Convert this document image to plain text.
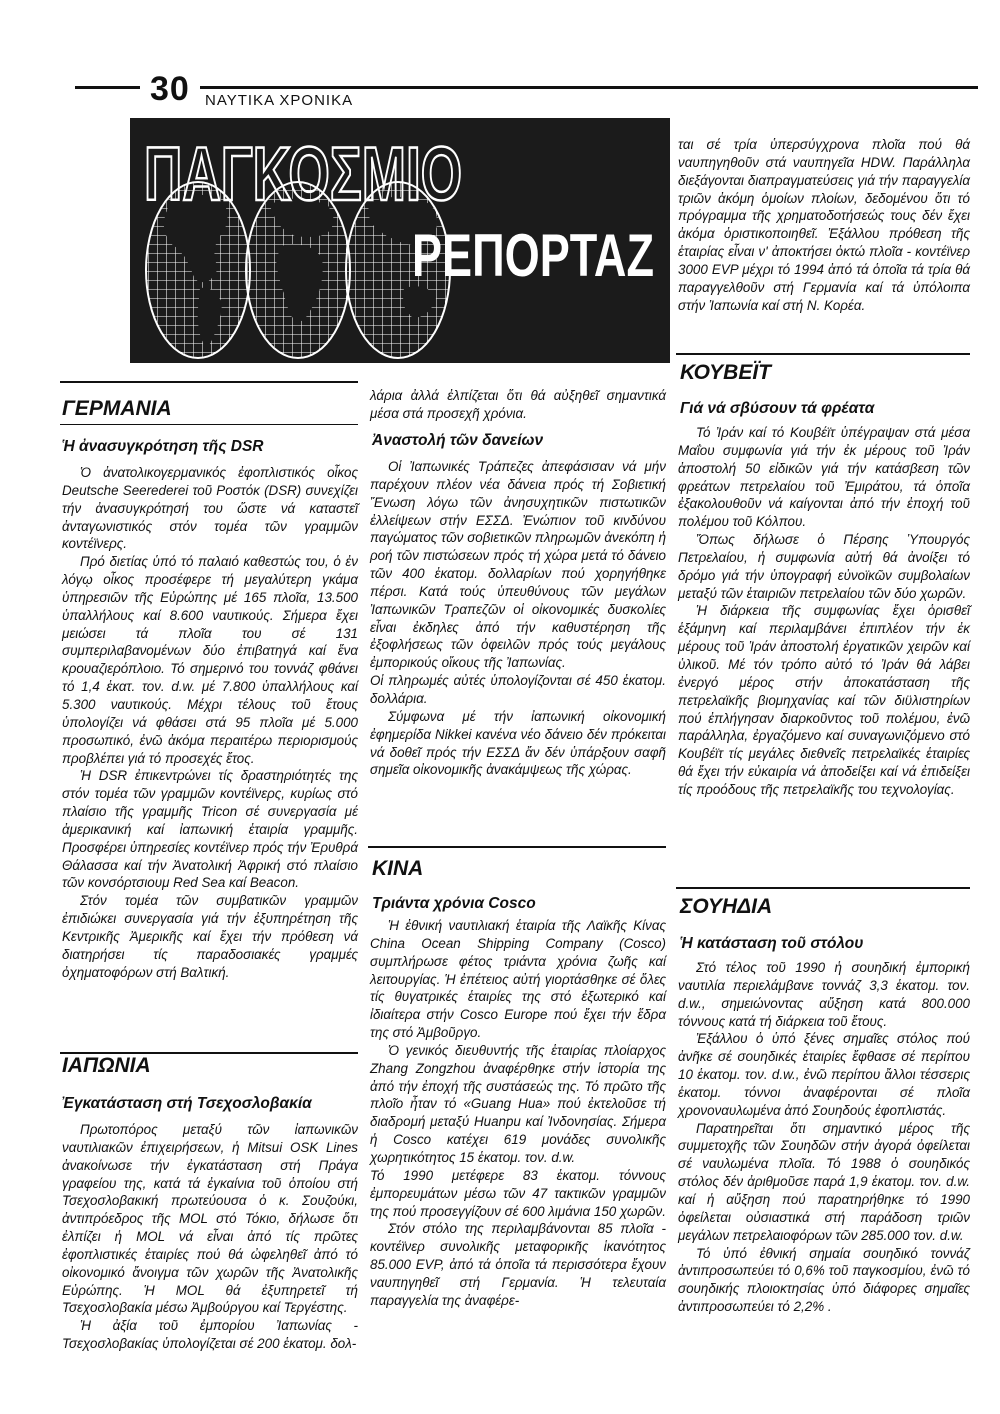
30 ΝΑΥΤΙΚΑ ΧΡΟΝΙΚΑ
ΠΑΓΚΟΣΜΙΟ
ΡΕΠΟΡΤΑΖ
ΓΕΡΜΑΝΙΑ
Ἡ ἀνασυγκρότηση τῆς DSR

Ὁ ἀνατολικογερμανικός ἐφοπλιστικός οἶκος Deutsche Seerederei τοῦ Ροστόκ (DSR) συνεχίζει τήν ἀνασυγκρότησή του ὥστε νά καταστεῖ ἀνταγωνιστικός στόν τομέα τῶν γραμμῶν κοντέϊνερς.

Πρό διετίας ὑπό τό παλαιό καθεστώς του, ὁ ἐν λόγῳ οἶκος προσέφερε τή μεγαλύτερη γκάμα ὑπηρεσιῶν τῆς Εὐρώπης μέ 165 πλοῖα, 13.500 ὑπαλλήλους καί 8.600 ναυτικούς. Σήμερα ἔχει μειώσει τά πλοῖα του σέ 131 συμπεριλαβανομένων δύο ἐπιβατηγά καί ἕνα κρουαζιερόπλοιο. Τό σημερινό του τοννάζ φθάνει τό 1,4 ἑκατ. τον. d.w. μέ 7.800 ὑπαλλήλους καί 5.300 ναυτικούς. Μέχρι τέλους τοῦ ἔτους ὑπολογίζει νά φθάσει στά 95 πλοῖα μέ 5.000 προσωπικό, ἐνῶ ἀκόμα περαιτέρω περιορισμούς προβλέπει γιά τό προσεχές ἔτος.

Ἡ DSR ἐπικεντρώνει τίς δραστηριότητές της στόν τομέα τῶν γραμμῶν κοντέϊνερς, κυρίως στό πλαίσιο τῆς γραμμῆς Tricon σέ συνεργασία μέ ἀμερικανική καί ἰαπωνική ἑταιρία γραμμῆς. Προσφέρει ὑπηρεσίες κοντέϊνερ πρός τήν Ἐρυθρά Θάλασσα καί τήν Ἀνατολική Ἀφρική στό πλαίσιο τῶν κονσόρτσιουμ Red Sea καί Beacon.

Στόν τομέα τῶν συμβατικῶν γραμμῶν ἐπιδιώκει συνεργασία γιά τήν ἐξυπηρέτηση τῆς Κεντρικῆς Ἀμερικῆς καί ἔχει τήν πρόθεση νά διατηρήσει τίς παραδοσιακές γραμμές ὀχηματοφόρων στή Βαλτική.

ΙΑΠΩΝΙΑ
Ἐγκατάσταση στή Τσεχοσλοβακία

Πρωτοπόρος μεταξύ τῶν ἰαπωνικῶν ναυτιλιακῶν ἐπιχειρήσεων, ἡ Mitsui OSK Lines ἀνακοίνωσε τήν ἐγκατάσταση στή Πράγα γραφείου της, κατά τά ἐγκαίνια τοῦ ὁποίου στή Τσεχοσλοβακική πρωτεύουσα ὁ κ. Σουζούκι, ἀντιπρόεδρος τῆς MOL στό Τόκιο, δήλωσε ὅτι ἐλπίζει ἡ MOL νά εἶναι ἀπό τίς πρῶτες ἐφοπλιστικές ἑταιρίες πού θά ὠφεληθεῖ ἀπό τό οἰκονομικό ἄνοιγμα τῶν χωρῶν τῆς Ἀνατολικῆς Εὐρώπης. Ἡ MOL θά ἐξυπηρετεῖ τή Τσεχοσλοβακία μέσω Ἀμβούργου καί Τεργέστης.

Ἡ ἀξία τοῦ ἐμπορίου Ἰαπωνίας - Τσεχοσλοβακίας ὑπολογίζεται σέ 200 ἑκατομ. δολ-

λάρια ἀλλά ἐλπίζεται ὅτι θά αὐξηθεῖ σημαντικά μέσα στά προσεχῆ χρόνια.

Ἀναστολή τῶν δανείων

Οἱ Ἰαπωνικές Τράπεζες ἀπεφάσισαν νά μήν παρέχουν πλέον νέα δάνεια πρός τή Σοβιετική Ἕνωση λόγω τῶν ἀνησυχητικῶν πιστωτικῶν ἐλλείψεων στήν ΕΣΣΔ. Ἐνώπιον τοῦ κινδύνου παγώματος τῶν σοβιετικῶν πληρωμῶν ἀνεκόπη ἡ ροή τῶν πιστώσεων πρός τή χώρα μετά τό δάνειο τῶν 400 ἑκατομ. δολλαρίων πού χορηγήθηκε πέρσι. Κατά τούς ὑπευθύνους τῶν μεγάλων Ἰαπωνικῶν Τραπεζῶν οἱ οἰκονομικές δυσκολίες εἶναι ἐκδηλες ἀπό τήν καθυστέρηση τῆς ἐξοφλήσεως τῶν ὀφειλῶν πρός τούς μεγάλους ἐμπορικούς οἴκους τῆς Ἰαπωνίας.

Οἱ πληρωμές αὐτές ὑπολογίζονται σέ 450 ἑκατομ. δολλάρια.

Σύμφωνα μέ τήν ἰαπωνική οἰκονομική ἐφημερίδα Nikkei κανένα νέο δάνειο δέν πρόκειται νά δοθεῖ πρός τήν ΕΣΣΔ ἄν δέν ὑπάρξουν σαφῆ σημεῖα οἰκονομικῆς ἀνακάμψεως τῆς χώρας.

ΚΙΝΑ
Τριάντα χρόνια Cosco

Ἡ ἐθνική ναυτιλιακή ἑταιρία τῆς Λαϊκῆς Κίνας China Ocean Shipping Company (Cosco) συμπλήρωσε φέτος τριάντα χρόνια ζωῆς καί λειτουργίας. Ἡ ἐπέτειος αὐτή γιορτάσθηκε σέ ὅλες τίς θυγατρικές ἑταιρίες της στό ἐξωτερικό καί ἰδιαίτερα στήν Cosco Europe πού ἔχει τήν ἕδρα της στό Ἀμβοῦργο.

Ὁ γενικός διευθυντής τῆς ἑταιρίας πλοίαρχος Zhang Zongzhou ἀναφέρθηκε στήν ἱστορία της ἀπό τήν ἐποχή τῆς συστάσεώς της. Τό πρῶτο τῆς πλοῖο ἦταν τό «Guang Hua» πού ἐκτελοῦσε τή διαδρομή μεταξύ Huanpu καί Ἰνδονησίας. Σήμερα ἡ Cosco κατέχει 619 μονάδες συνολικῆς χωρητικότητος 15 ἑκατομ. τον. d.w.

Τό 1990 μετέφερε 83 ἑκατομ. τόννους ἐμπορευμάτων μέσω τῶν 47 τακτικῶν γραμμῶν της πού προσεγγίζουν σέ 600 λιμάνια 150 χωρῶν.

Στόν στόλο της περιλαμβάνονται 85 πλοῖα - κοντέϊνερ συνολικῆς μεταφορικῆς ἱκανότητος 85.000 EVP, ἀπό τά ὁποῖα τά περισσότερα ἔχουν ναυπηγηθεῖ στή Γερμανία. Ἡ τελευταία παραγγελία της ἀναφέρε-

ται σέ τρία ὑπερσύγχρονα πλοῖα πού θά ναυπηγηθοῦν στά ναυπηγεῖα HDW. Παράλληλα διεξάγονται διαπραγματεύσεις γιά τήν παραγγελία τριῶν ἀκόμη ὁμοίων πλοίων, δεδομένου ὅτι τό πρόγραμμα τῆς χρηματοδοτήσεώς τους δέν ἔχει ἀκόμα ὁριστικοποιηθεῖ. Ἐξάλλου πρόθεση τῆς ἑταιρίας εἶναι ν' ἀποκτήσει ὀκτώ πλοῖα - κοντέϊνερ 3000 EVP μέχρι τό 1994 ἀπό τά ὁποῖα τά τρία θά παραγγελθοῦν στή Γερμανία καί τά ὑπόλοιπα στήν Ἰαπωνία καί στή Ν. Κορέα.

ΚΟΥΒΕΪΤ
Γιά νά σβύσουν τά φρέατα

Τό Ἰράν καί τό Κουβέϊτ ὑπέγραψαν στά μέσα Μαΐου συμφωνία γιά τήν ἐκ μέρους τοῦ Ἰράν ἀποστολή 50 εἰδικῶν γιά τήν κατάσβεση τῶν φρεάτων πετρελαίου τοῦ Ἐμιράτου, τά ὁποῖα ἐξακολουθοῦν νά καίγονται ἀπό τήν ἐποχή τοῦ πολέμου τοῦ Κόλπου.

Ὅπως δήλωσε ὁ Πέρσης Ὑπουργός Πετρελαίου, ἡ συμφωνία αὐτή θά ἀνοίξει τό δρόμο γιά τήν ὑπογραφή εὐνοϊκῶν συμβολαίων μεταξύ τῶν ἑταιριῶν πετρελαίου τῶν δύο χωρῶν.

Ἡ διάρκεια τῆς συμφωνίας ἔχει ὁρισθεῖ ἑξάμηνη καί περιλαμβάνει ἐπιπλέον τήν ἐκ μέρους τοῦ Ἰράν ἀποστολή ἐργατικῶν χειρῶν καί ὑλικοῦ. Μέ τόν τρόπο αὐτό τό Ἰράν θά λάβει ἐνεργό μέρος στήν ἀποκατάσταση τῆς πετρελαϊκῆς βιομηχανίας καί τῶν διϋλιστηρίων πού ἐπλήγησαν διαρκοῦντος τοῦ πολέμου, ἐνῶ παράλληλα, ἐργαζόμενο καί συναγωνιζόμενο στό Κουβέϊτ τίς μεγάλες διεθνεῖς πετρελαϊκές ἑταιρίες θά ἔχει τήν εὐκαιρία νά ἀποδείξει καί νά ἐπιδείξει τίς προόδους τῆς πετρελαϊκῆς του τεχνολογίας.

ΣΟΥΗΔΙΑ
Ἡ κατάσταση τοῦ στόλου

Στό τέλος τοῦ 1990 ἡ σουηδική ἐμπορική ναυτιλία περιελάμβανε τοννάζ 3,3 ἑκατομ. τον. d.w., σημειώνοντας αὔξηση κατά 800.000 τόννους κατά τή διάρκεια τοῦ ἔτους.

Ἐξάλλου ὁ ὑπό ξένες σημαῖες στόλος πού ἀνῆκε σέ σουηδικές ἑταιρίες ἔφθασε σέ περίπου 10 ἑκατομ. τον. d.w., ἐνῶ περίπου ἄλλοι τέσσερις ἑκατομ. τόννοι ἀναφέρονται σέ πλοῖα χρονοναυλωμένα ἀπό Σουηδούς ἐφοπλιστάς.

Παρατηρεῖται ὅτι σημαντικό μέρος τῆς συμμετοχῆς τῶν Σουηδῶν στήν ἀγορά ὀφείλεται σέ ναυλωμένα πλοῖα. Τό 1988 ὁ σουηδικός στόλος δέν ἀριθμοῦσε παρά 1,9 ἑκατομ. τον. d.w. καί ἡ αὔξηση πού παρατηρήθηκε τό 1990 ὀφείλεται οὐσιαστικά στή παράδοση τριῶν μεγάλων πετρελαιοφόρων τῶν 285.000 τον. d.w.

Τό ὑπό ἐθνική σημαία σουηδικό τοννάζ ἀντιπροσωπεύει τό 0,6% τοῦ παγκοσμίου, ἐνῶ τό σουηδικής πλοιοκτησίας ὑπό διάφορες σημαῖες ἀντιπροσωπεύει τό 2,2% .
